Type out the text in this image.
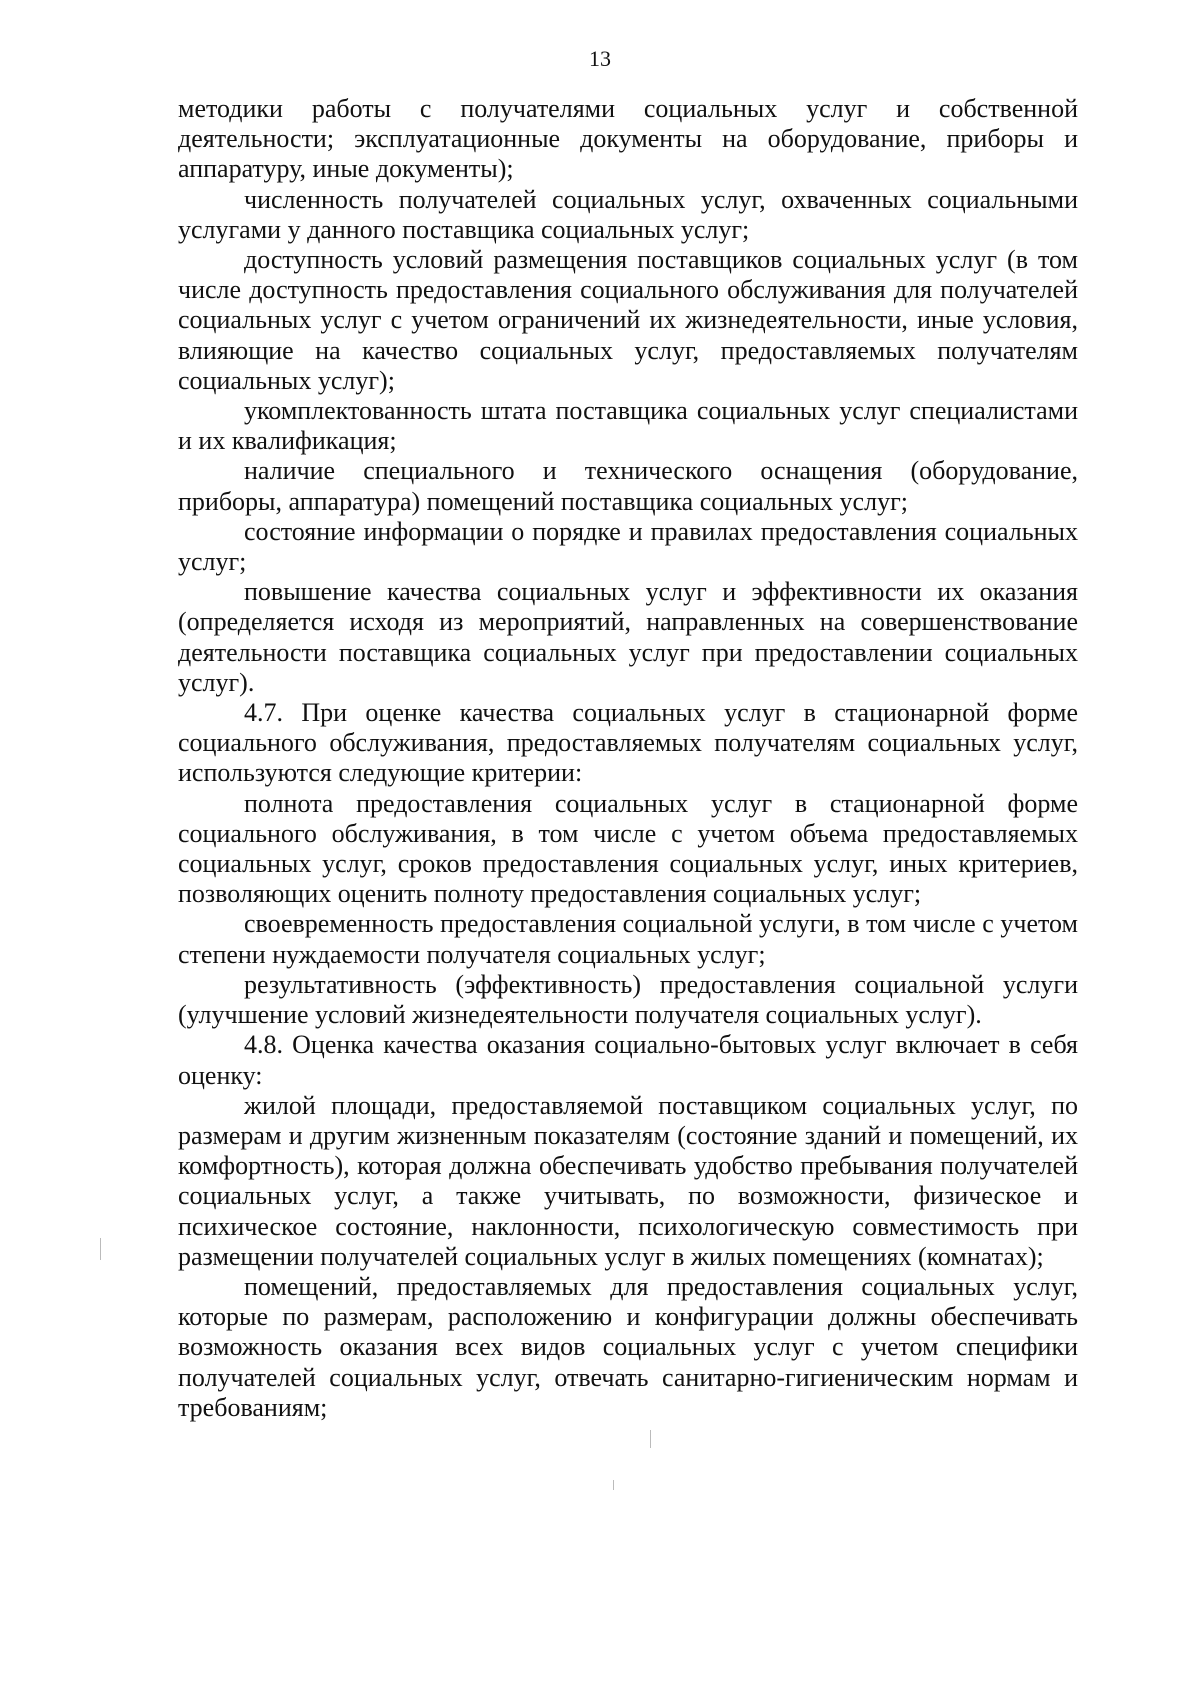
13

методики работы с получателями социальных услуг и собственной деятельности; эксплуатационные документы на оборудование, приборы и аппаратуру, иные документы);

численность получателей социальных услуг, охваченных социальными услугами у данного поставщика социальных услуг;

доступность условий размещения поставщиков социальных услуг (в том числе доступность предоставления социального обслуживания для получателей социальных услуг с учетом ограничений их жизнедеятельности, иные условия, влияющие на качество социальных услуг, предоставляемых получателям социальных услуг);

укомплектованность штата поставщика социальных услуг специалистами и их квалификация;

наличие специального и технического оснащения (оборудование, приборы, аппаратура) помещений поставщика социальных услуг;

состояние информации о порядке и правилах предоставления социальных услуг;

повышение качества социальных услуг и эффективности их оказания (определяется исходя из мероприятий, направленных на совершенствование деятельности поставщика социальных услуг при предоставлении социальных услуг).

4.7. При оценке качества социальных услуг в стационарной форме социального обслуживания, предоставляемых получателям социальных услуг, используются следующие критерии:

полнота предоставления социальных услуг в стационарной форме социального обслуживания, в том числе с учетом объема предоставляемых социальных услуг, сроков предоставления социальных услуг, иных критериев, позволяющих оценить полноту предоставления социальных услуг;

своевременность предоставления социальной услуги, в том числе с учетом степени нуждаемости получателя социальных услуг;

результативность (эффективность) предоставления социальной услуги (улучшение условий жизнедеятельности получателя социальных услуг).

4.8. Оценка качества оказания социально-бытовых услуг включает в себя оценку:

жилой площади, предоставляемой поставщиком социальных услуг, по размерам и другим жизненным показателям (состояние зданий и помещений, их комфортность), которая должна обеспечивать удобство пребывания получателей социальных услуг, а также учитывать, по возможности, физическое и психическое состояние, наклонности, психологическую совместимость при размещении получателей социальных услуг в жилых помещениях (комнатах);

помещений, предоставляемых для предоставления социальных услуг, которые по размерам, расположению и конфигурации должны обеспечивать возможность оказания всех видов социальных услуг с учетом специфики получателей социальных услуг, отвечать санитарно-гигиеническим нормам и требованиям;
